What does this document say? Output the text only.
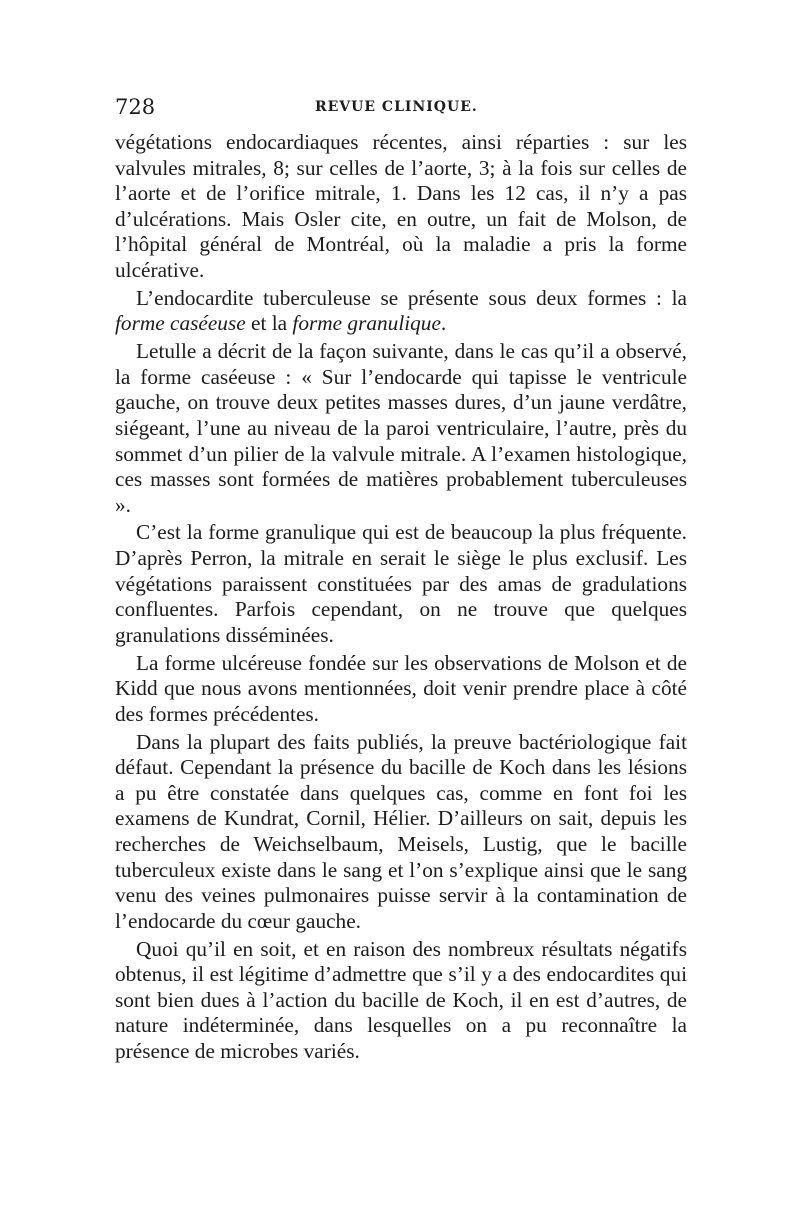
728	REVUE CLINIQUE.

végétations endocardiaques récentes, ainsi réparties : sur les valvules mitrales, 8; sur celles de l’aorte, 3; à la fois sur celles de l’aorte et de l’orifice mitrale, 1. Dans les 12 cas, il n’y a pas d’ulcérations. Mais Osler cite, en outre, un fait de Molson, de l’hôpital général de Montréal, où la maladie a pris la forme ulcérative.

L’endocardite tuberculeuse se présente sous deux formes : la forme caséeuse et la forme granulique.

Letulle a décrit de la façon suivante, dans le cas qu’il a observé, la forme caséeuse : « Sur l’endocarde qui tapisse le ventricule gauche, on trouve deux petites masses dures, d’un jaune verdâtre, siégeant, l’une au niveau de la paroi ventriculaire, l’autre, près du sommet d’un pilier de la valvule mitrale. A l’examen histologique, ces masses sont formées de matières probablement tuberculeuses ».

C’est la forme granulique qui est de beaucoup la plus fréquente. D’après Perron, la mitrale en serait le siège le plus exclusif. Les végétations paraissent constituées par des amas de gradulations confluentes. Parfois cependant, on ne trouve que quelques granulations disséminées.

La forme ulcéreuse fondée sur les observations de Molson et de Kidd que nous avons mentionnées, doit venir prendre place à côté des formes précédentes.

Dans la plupart des faits publiés, la preuve bactériologique fait défaut. Cependant la présence du bacille de Koch dans les lésions a pu être constatée dans quelques cas, comme en font foi les examens de Kundrat, Cornil, Hélier. D’ailleurs on sait, depuis les recherches de Weichselbaum, Meisels, Lustig, que le bacille tuberculeux existe dans le sang et l’on s’explique ainsi que le sang venu des veines pulmonaires puisse servir à la contamination de l’endocarde du cœur gauche.

Quoi qu’il en soit, et en raison des nombreux résultats négatifs obtenus, il est légitime d’admettre que s’il y a des endocardites qui sont bien dues à l’action du bacille de Koch, il en est d’autres, de nature indéterminée, dans lesquelles on a pu reconnaître la présence de microbes variés.
